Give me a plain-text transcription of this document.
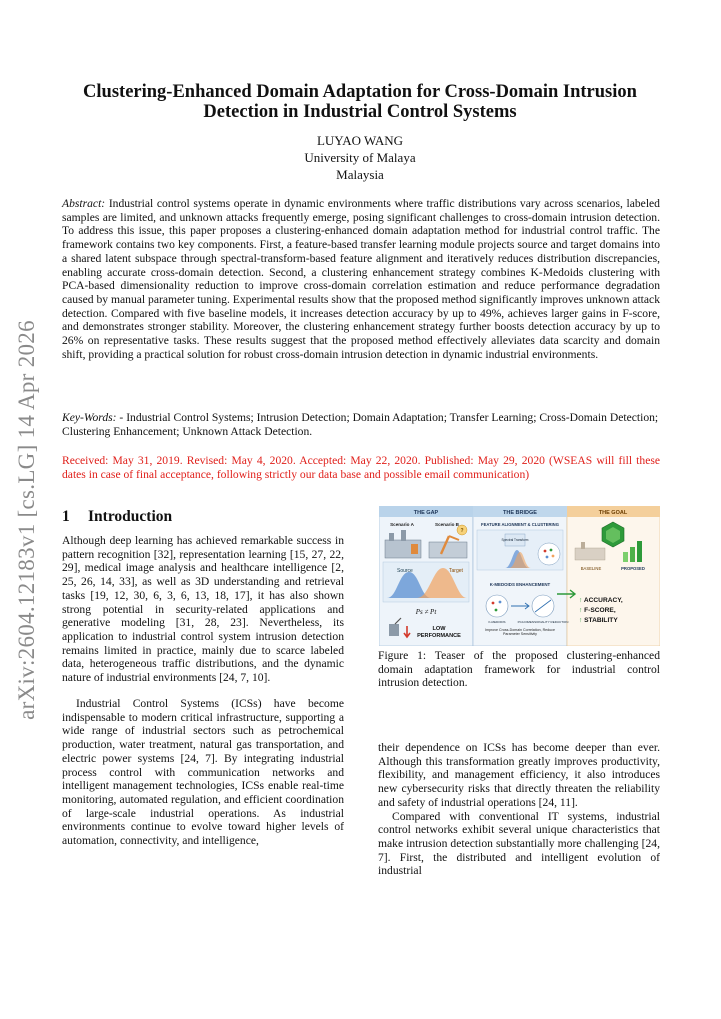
arXiv:2604.12183v1 [cs.LG] 14 Apr 2026
Clustering-Enhanced Domain Adaptation for Cross-Domain Intrusion
Detection in Industrial Control Systems
LUYAO WANG
University of Malaya
Malaysia
Abstract: Industrial control systems operate in dynamic environments where traffic distributions vary across scenarios, labeled samples are limited, and unknown attacks frequently emerge, posing significant challenges to cross-domain intrusion detection. To address this issue, this paper proposes a clustering-enhanced domain adaptation method for industrial control traffic. The framework contains two key components. First, a feature-based transfer learning module projects source and target domains into a shared latent subspace through spectral-transform-based feature alignment and iteratively reduces distribution discrepancies, enabling accurate cross-domain detection. Second, a clustering enhancement strategy combines K-Medoids clustering with PCA-based dimensionality reduction to improve cross-domain correlation estimation and reduce performance degradation caused by manual parameter tuning. Experimental results show that the proposed method significantly improves unknown attack detection. Compared with five baseline models, it increases detection accuracy by up to 49%, achieves larger gains in F-score, and demonstrates stronger stability. Moreover, the clustering enhancement strategy further boosts detection accuracy by up to 26% on representative tasks. These results suggest that the proposed method effectively alleviates data scarcity and domain shift, providing a practical solution for robust cross-domain intrusion detection in dynamic industrial environments.
Key-Words: - Industrial Control Systems; Intrusion Detection; Domain Adaptation; Transfer Learning; Cross-Domain Detection; Clustering Enhancement; Unknown Attack Detection.
Received: May 31, 2019. Revised: May 4, 2020. Accepted: May 22, 2020. Published: May 29, 2020 (WSEAS will fill these dates in case of final acceptance, following strictly our data base and possible email communication)
1 Introduction

Although deep learning has achieved remarkable success in pattern recognition [32], representation learning [15, 27, 22, 29], medical image analysis and healthcare intelligence [2, 25, 26, 14, 33], as well as 3D understanding and retrieval tasks [19, 12, 30, 6, 3, 6, 13, 18, 17], it has also shown strong potential in security-related applications and generative modeling [31, 28, 23]. Nevertheless, its application to industrial control system intrusion detection remains limited in practice, mainly due to scarce labeled data, heterogeneous traffic distributions, and the dynamic nature of industrial environments [24, 7, 10].

Industrial Control Systems (ICSs) have become indispensable to modern critical infrastructure, supporting a wide range of industrial sectors such as petrochemical production, water treatment, natural gas transportation, and electric power systems [24, 7]. By integrating industrial process control with communication networks and intelligent management technologies, ICSs enable real-time monitoring, automated regulation, and efficient coordination of large-scale industrial operations. As industrial environments continue to evolve toward higher levels of automation, connectivity, and intelligence,

THE GAP	THE BRIDGE	THE GOAL
Scenario A	Scenario B
?
Source	Target
Ps ≠ Pt
LOW
PERFORMANCE
FEATURE ALIGNMENT & CLUSTERING
Spectral Transform
K-MEDOIDS ENHANCEMENT
K-MEDOIDS	PCA DIMENSIONALITY REDUCTION
Improve Cross-Domain Correlation, Reduce Parameter Sensitivity
BASELINE	PROPOSED
↑ ACCURACY,
↑ F-SCORE,
↑ STABILITY
Figure 1: Teaser of the proposed clustering-enhanced domain adaptation framework for industrial control intrusion detection.

their dependence on ICSs has become deeper than ever. Although this transformation greatly improves productivity, flexibility, and management efficiency, it also introduces new cybersecurity risks that directly threaten the reliability and safety of industrial operations [24, 11].

Compared with conventional IT systems, industrial control networks exhibit several unique characteristics that make intrusion detection substantially more challenging [24, 7]. First, the distributed and intelligent evolution of industrial
